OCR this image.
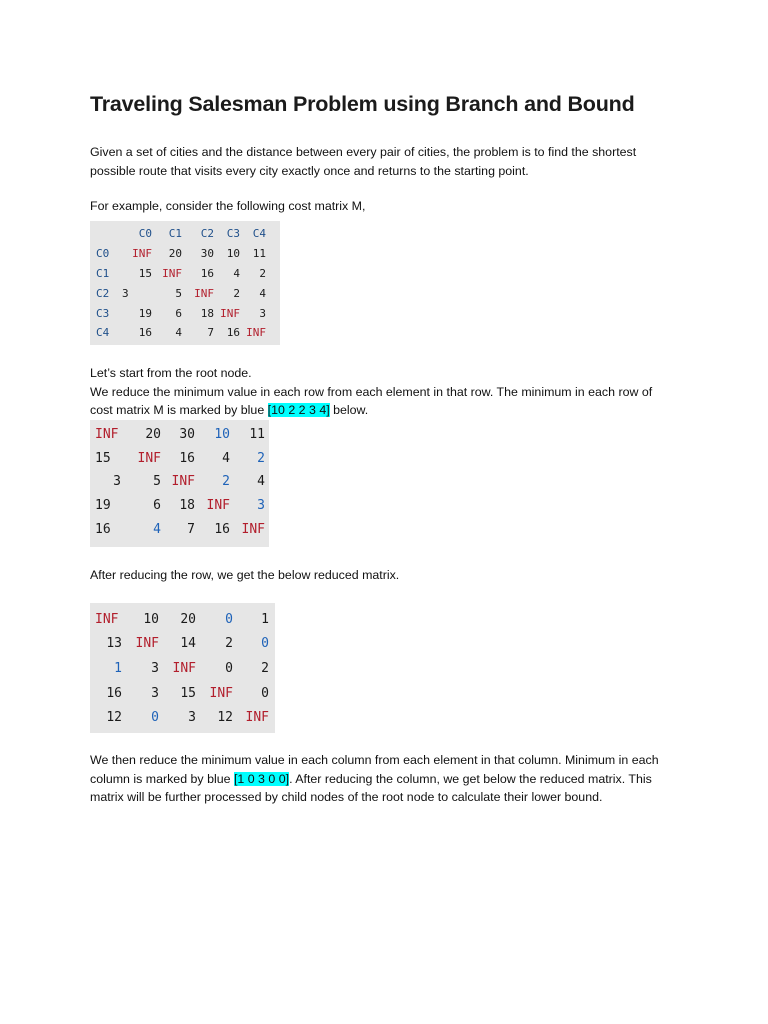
Traveling Salesman Problem using Branch and Bound

Given a set of cities and the distance between every pair of cities, the problem is to find the shortest
possible route that visits every city exactly once and returns to the starting point.

For example, consider the following cost matrix M,

	C0	C1	C2	C3	C4
C0	INF	20	30	10	11
C1	15	INF	16	4	2
C2	3	5	INF	2	4
C3	19	6	18	INF	3
C4	16	4	7	16	INF

Let’s start from the root node.
We reduce the minimum value in each row from each element in that row. The minimum in each row of
cost matrix M is marked by blue [10 2 2 3 4] below.

INF	20	30	10	11
15	INF	16	4	2
3	5	INF	2	4
19	6	18	INF	3
16	4	7	16	INF

After reducing the row, we get the below reduced matrix.

INF	10	20	0	1
13	INF	14	2	0
1	3	INF	0	2
16	3	15	INF	0
12	0	3	12	INF

We then reduce the minimum value in each column from each element in that column. Minimum in each
column is marked by blue [1 0 3 0 0]. After reducing the column, we get below the reduced matrix. This
matrix will be further processed by child nodes of the root node to calculate their lower bound.
